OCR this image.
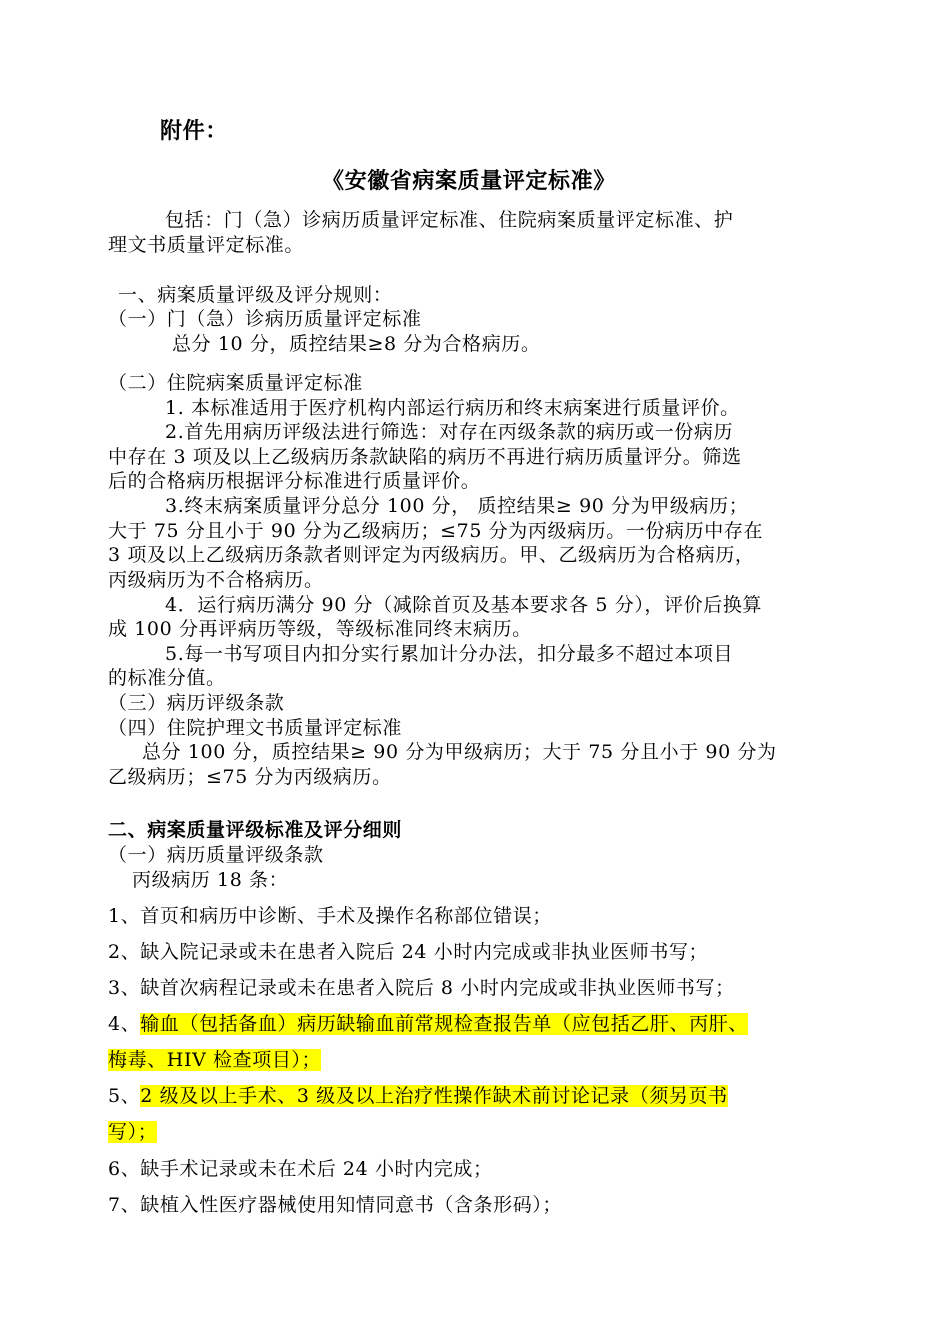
附件：
《安徽省病案质量评定标准》
包括：门（急）诊病历质量评定标准、住院病案质量评定标准、护
理文书质量评定标准。
一、病案质量评级及评分规则：
（一）门（急）诊病历质量评定标准
总分 10 分，质控结果≥8 分为合格病历。
（二）住院病案质量评定标准
1. 本标准适用于医疗机构内部运行病历和终末病案进行质量评价。
2.首先用病历评级法进行筛选：对存在丙级条款的病历或一份病历
中存在 3 项及以上乙级病历条款缺陷的病历不再进行病历质量评分。筛选
后的合格病历根据评分标准进行质量评价。
3.终末病案质量评分总分 100 分， 质控结果≥ 90 分为甲级病历；
大于 75 分且小于 90 分为乙级病历；≤75 分为丙级病历。一份病历中存在
3 项及以上乙级病历条款者则评定为丙级病历。甲、乙级病历为合格病历，
丙级病历为不合格病历。
4．运行病历满分 90 分（减除首页及基本要求各 5 分），评价后换算
成 100 分再评病历等级，等级标准同终末病历。
5.每一书写项目内扣分实行累加计分办法，扣分最多不超过本项目
的标准分值。
（三）病历评级条款
（四）住院护理文书质量评定标准
总分 100 分，质控结果≥ 90 分为甲级病历；大于 75 分且小于 90 分为
乙级病历；≤75 分为丙级病历。
二、病案质量评级标准及评分细则
（一）病历质量评级条款
丙级病历 18 条：
1、首页和病历中诊断、手术及操作名称部位错误；
2、缺入院记录或未在患者入院后 24 小时内完成或非执业医师书写；
3、缺首次病程记录或未在患者入院后 8 小时内完成或非执业医师书写；
4、输血（包括备血）病历缺输血前常规检查报告单（应包括乙肝、丙肝、
梅毒、HIV 检查项目）；
5、2 级及以上手术、3 级及以上治疗性操作缺术前讨论记录（须另页书
写）；
6、缺手术记录或未在术后 24 小时内完成；
7、缺植入性医疗器械使用知情同意书（含条形码）；
